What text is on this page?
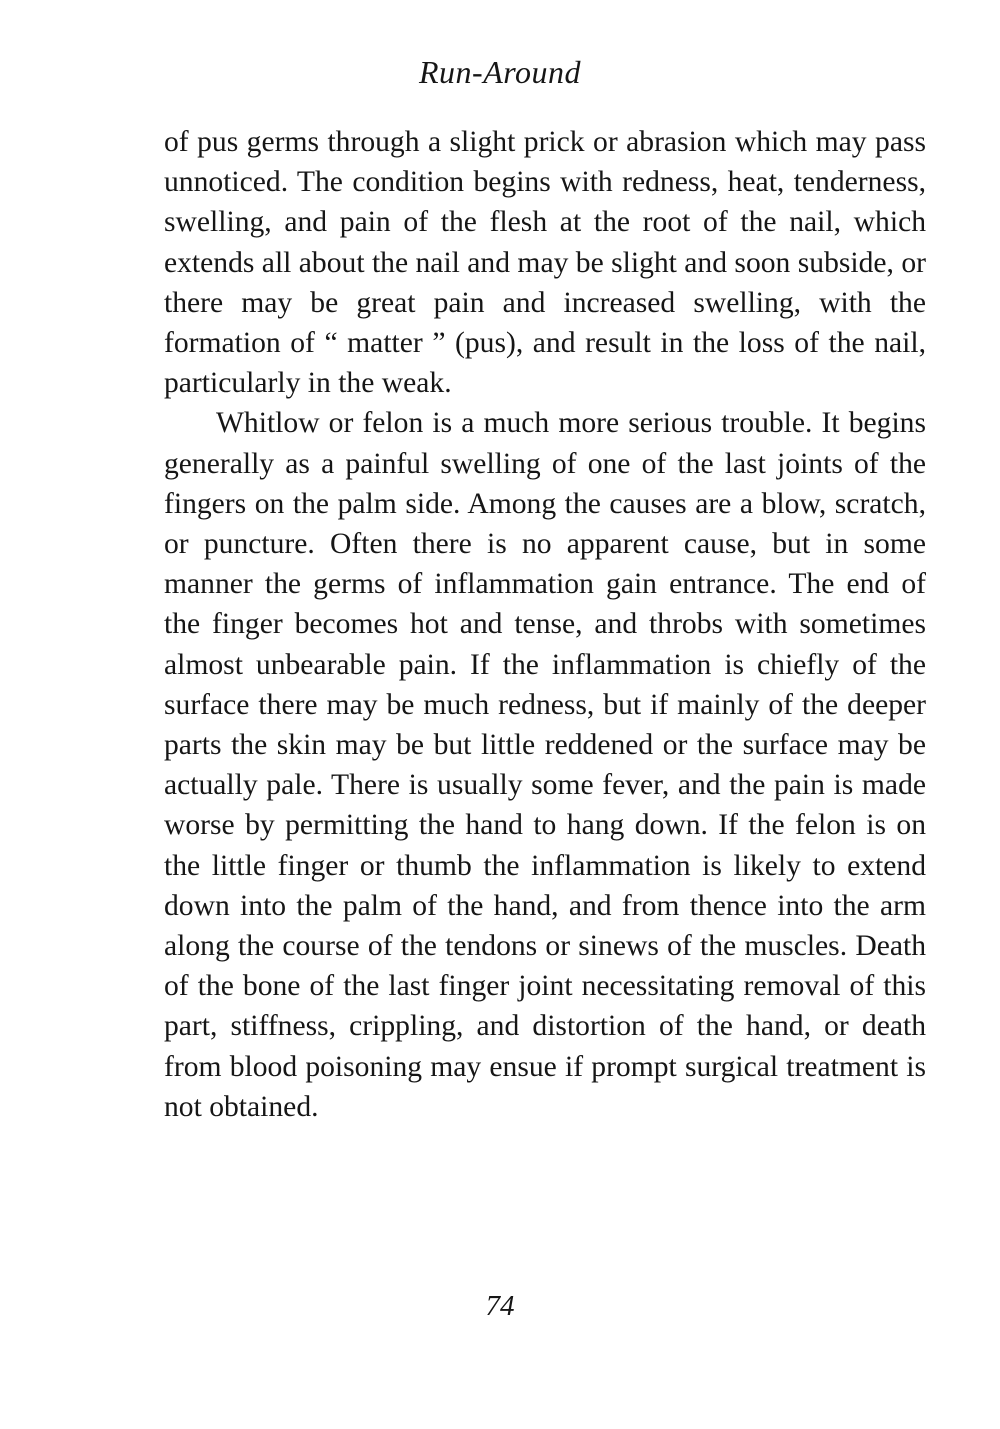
Run-Around

of pus germs through a slight prick or abrasion which may pass unnoticed. The condition begins with redness, heat, tenderness, swelling, and pain of the flesh at the root of the nail, which extends all about the nail and may be slight and soon subside, or there may be great pain and increased swelling, with the formation of “ matter ” (pus), and result in the loss of the nail, particularly in the weak.

Whitlow or felon is a much more serious trouble. It begins generally as a painful swelling of one of the last joints of the fingers on the palm side. Among the causes are a blow, scratch, or puncture. Often there is no apparent cause, but in some manner the germs of inflammation gain entrance. The end of the finger becomes hot and tense, and throbs with sometimes almost unbearable pain. If the inflammation is chiefly of the surface there may be much redness, but if mainly of the deeper parts the skin may be but little reddened or the surface may be actually pale. There is usually some fever, and the pain is made worse by permitting the hand to hang down. If the felon is on the little finger or thumb the inflammation is likely to extend down into the palm of the hand, and from thence into the arm along the course of the tendons or sinews of the muscles. Death of the bone of the last finger joint necessitating removal of this part, stiffness, crippling, and distortion of the hand, or death from blood poisoning may ensue if prompt surgical treatment is not obtained.

74
